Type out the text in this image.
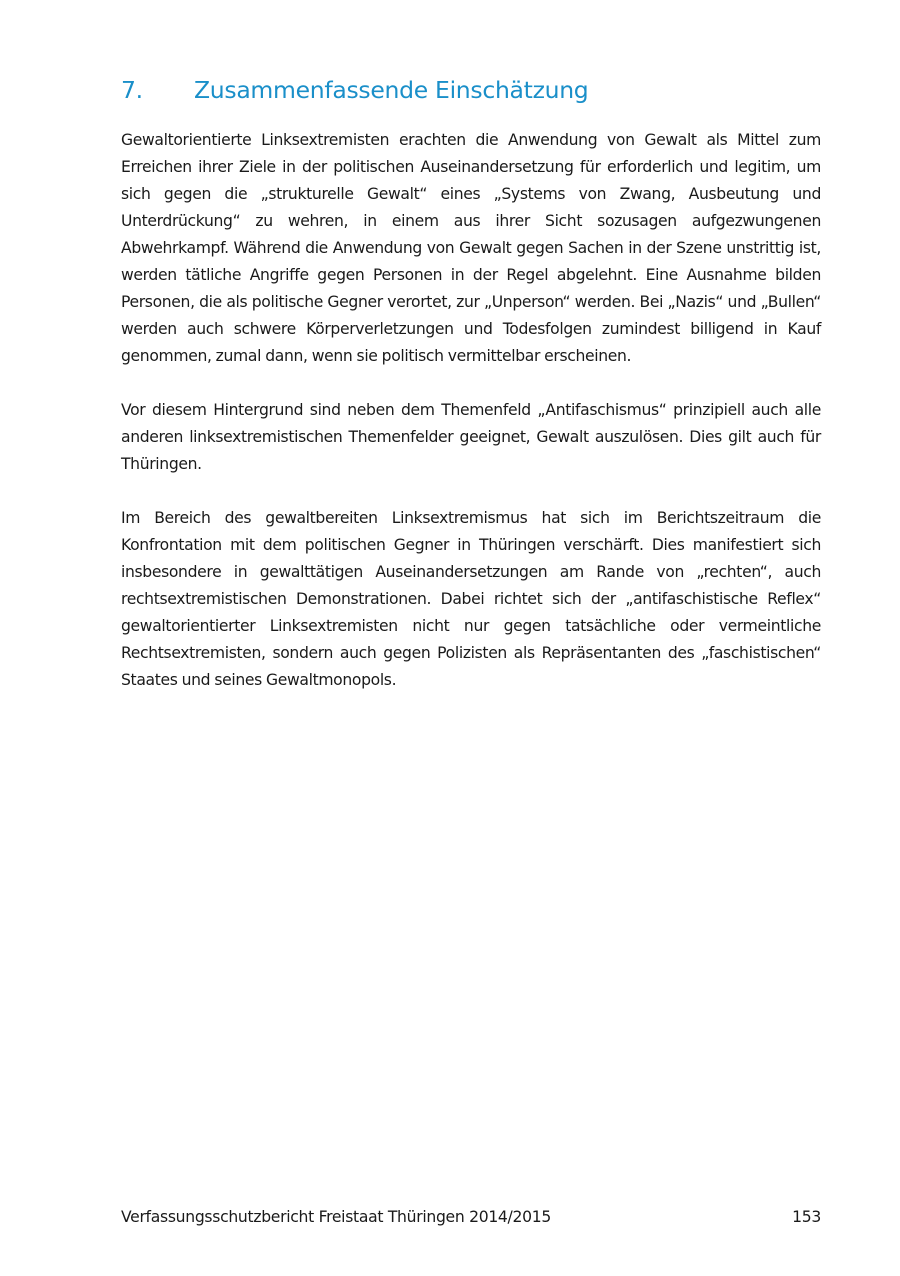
7.	Zusammenfassende Einschätzung

Gewaltorientierte Linksextremisten erachten die Anwendung von Gewalt als Mittel zum Erreichen ihrer Ziele in der politischen Auseinandersetzung für erforderlich und legitim, um sich gegen die „strukturelle Gewalt“ eines „Systems von Zwang, Ausbeutung und Unterdrückung“ zu wehren, in einem aus ihrer Sicht sozusagen aufgezwungenen Abwehrkampf. Während die Anwendung von Gewalt gegen Sachen in der Szene unstrittig ist, werden tätliche Angriffe gegen Personen in der Regel abgelehnt. Eine Ausnahme bilden Personen, die als politische Gegner verortet, zur „Unperson“ werden. Bei „Nazis“ und „Bullen“ werden auch schwere Körperverletzungen und Todesfolgen zumindest billigend in Kauf genommen, zumal dann, wenn sie politisch vermittelbar erscheinen.

Vor diesem Hintergrund sind neben dem Themenfeld „Antifaschismus“ prinzipiell auch alle anderen linksextremistischen Themenfelder geeignet, Gewalt auszulösen. Dies gilt auch für Thüringen.

Im Bereich des gewaltbereiten Linksextremismus hat sich im Berichtszeitraum die Konfrontation mit dem politischen Gegner in Thüringen verschärft. Dies manifestiert sich insbesondere in gewalttätigen Auseinandersetzungen am Rande von „rechten“, auch rechtsextremistischen Demonstrationen. Dabei richtet sich der „antifaschistische Reflex“ gewaltorientierter Linksextremisten nicht nur gegen tatsächliche oder vermeintliche Rechtsextremisten, sondern auch gegen Polizisten als Repräsentanten des „faschistischen“ Staates und seines Gewaltmonopols.

Verfassungsschutzbericht Freistaat Thüringen 2014/2015	153
